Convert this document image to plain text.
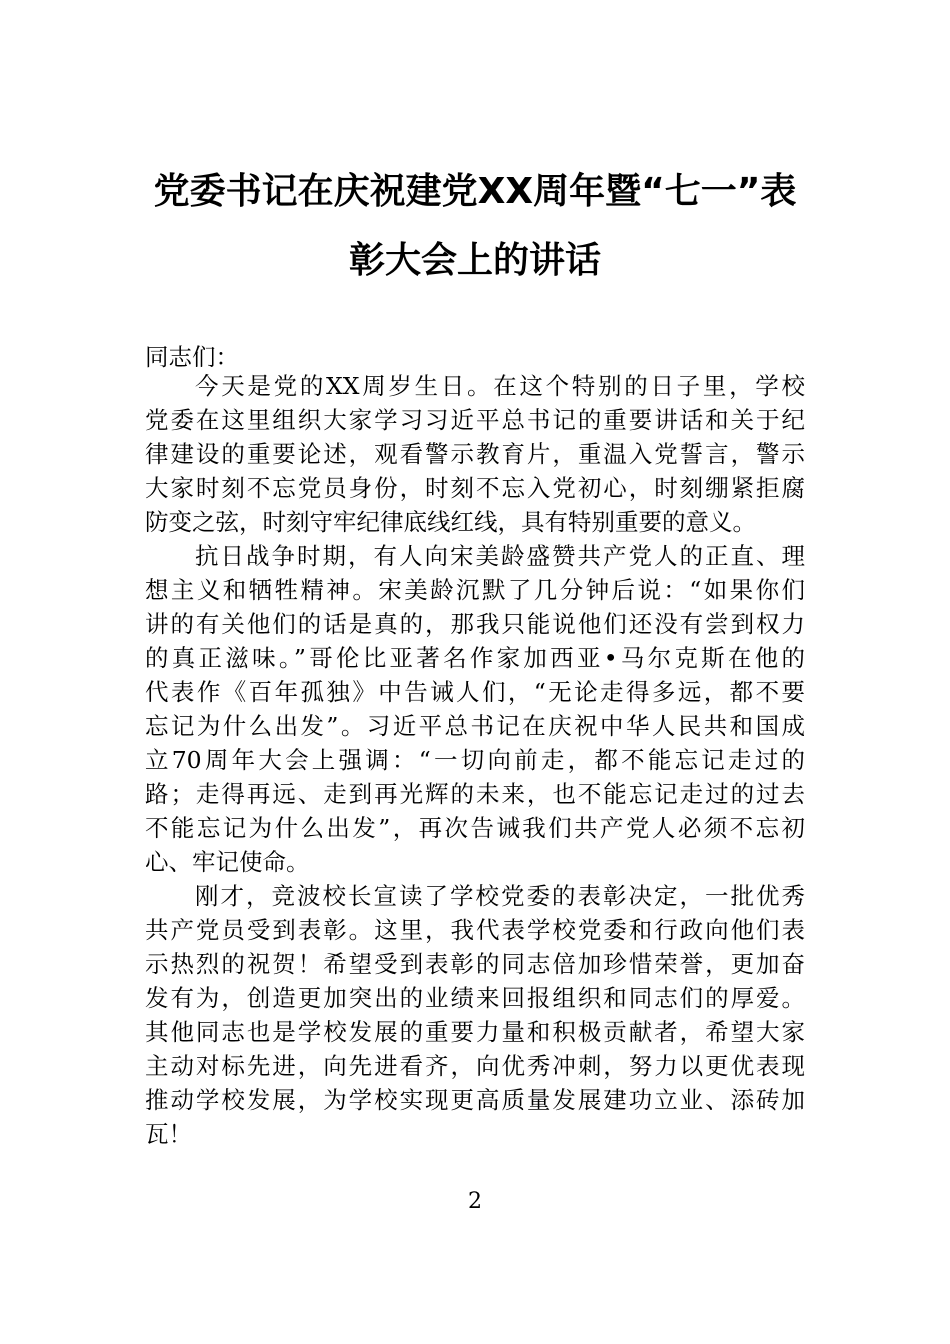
党委书记在庆祝建党XX周年暨“七一”表
彰大会上的讲话
同志们：
今天是党的XX周岁生日。在这个特别的日子里，学校
党委在这里组织大家学习习近平总书记的重要讲话和关于纪
律建设的重要论述，观看警示教育片，重温入党誓言，警示
大家时刻不忘党员身份，时刻不忘入党初心，时刻绷紧拒腐
防变之弦，时刻守牢纪律底线红线，具有特别重要的意义。
抗日战争时期，有人向宋美龄盛赞共产党人的正直、理
想主义和牺牲精神。宋美龄沉默了几分钟后说：“如果你们
讲的有关他们的话是真的，那我只能说他们还没有尝到权力
的真正滋味。”哥伦比亚著名作家加西亚•马尔克斯在他的
代表作《百年孤独》中告诫人们，“无论走得多远，都不要
忘记为什么出发”。习近平总书记在庆祝中华人民共和国成
立70周年大会上强调：“一切向前走，都不能忘记走过的
路；走得再远、走到再光辉的未来，也不能忘记走过的过去
不能忘记为什么出发”，再次告诫我们共产党人必须不忘初
心、牢记使命。
刚才，竞波校长宣读了学校党委的表彰决定，一批优秀
共产党员受到表彰。这里，我代表学校党委和行政向他们表
示热烈的祝贺！希望受到表彰的同志倍加珍惜荣誉，更加奋
发有为，创造更加突出的业绩来回报组织和同志们的厚爱。
其他同志也是学校发展的重要力量和积极贡献者，希望大家
主动对标先进，向先进看齐，向优秀冲刺，努力以更优表现
推动学校发展，为学校实现更高质量发展建功立业、添砖加
瓦！
2
